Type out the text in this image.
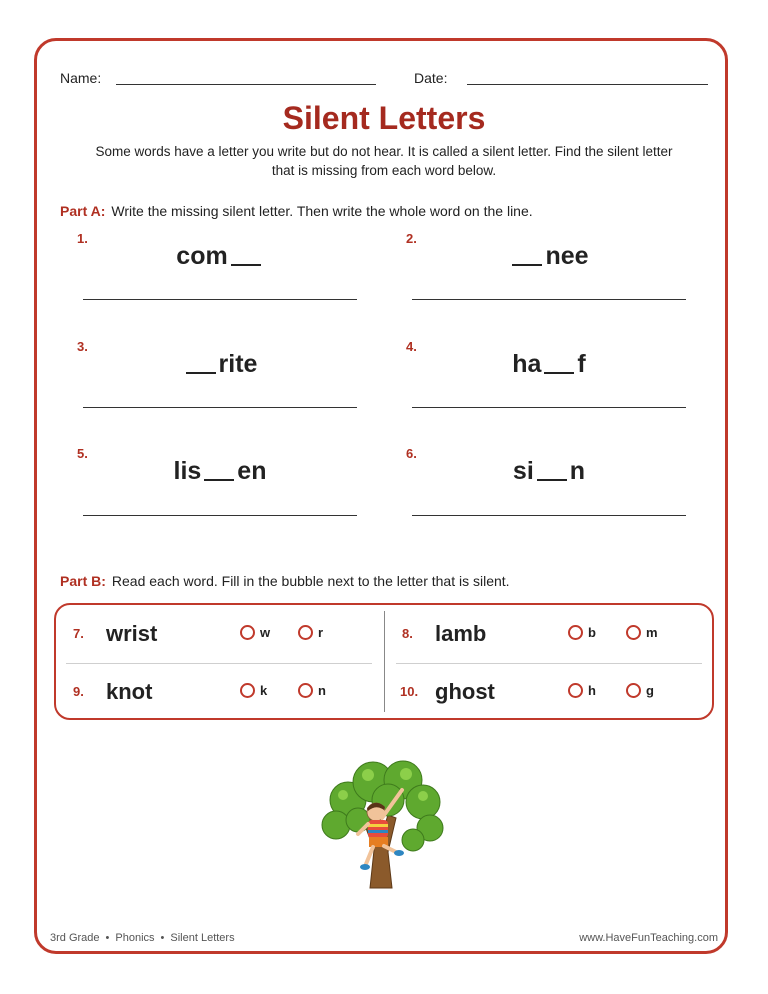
Name:	Date:
Silent Letters
Some words have a letter you write but do not hear. It is called a silent letter. Find the silent letter that is missing from each word below.
Part A: Write the missing silent letter. Then write the whole word on the line.
1.
com
2.
nee
3.
rite
4.
ha f
5.
lis en
6.
si n
Part B: Read each word. Fill in the bubble next to the letter that is silent.
7. wrist	w	r	8. lamb	b	m
9. knot	k	n	10. ghost	h	g
3rd Grade • Phonics • Silent Letters	www.HaveFunTeaching.com
